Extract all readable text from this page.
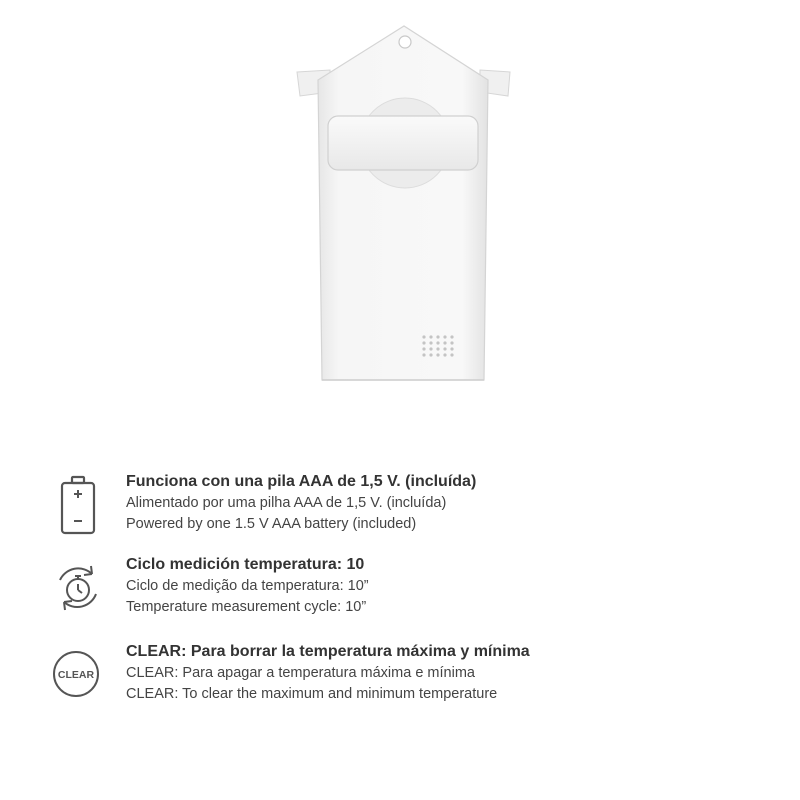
Funciona con una pila AAA de 1,5 V. (incluída)
Alimentado por uma pilha AAA de 1,5 V. (incluída)
Powered by one 1.5 V AAA battery (included)
Ciclo medición temperatura: 10
Ciclo de medição da temperatura: 10”
Temperature measurement cycle: 10”
CLEAR
CLEAR: Para borrar la temperatura máxima y mínima
CLEAR: Para apagar a temperatura máxima e mínima
CLEAR: To clear the maximum and minimum temperature
